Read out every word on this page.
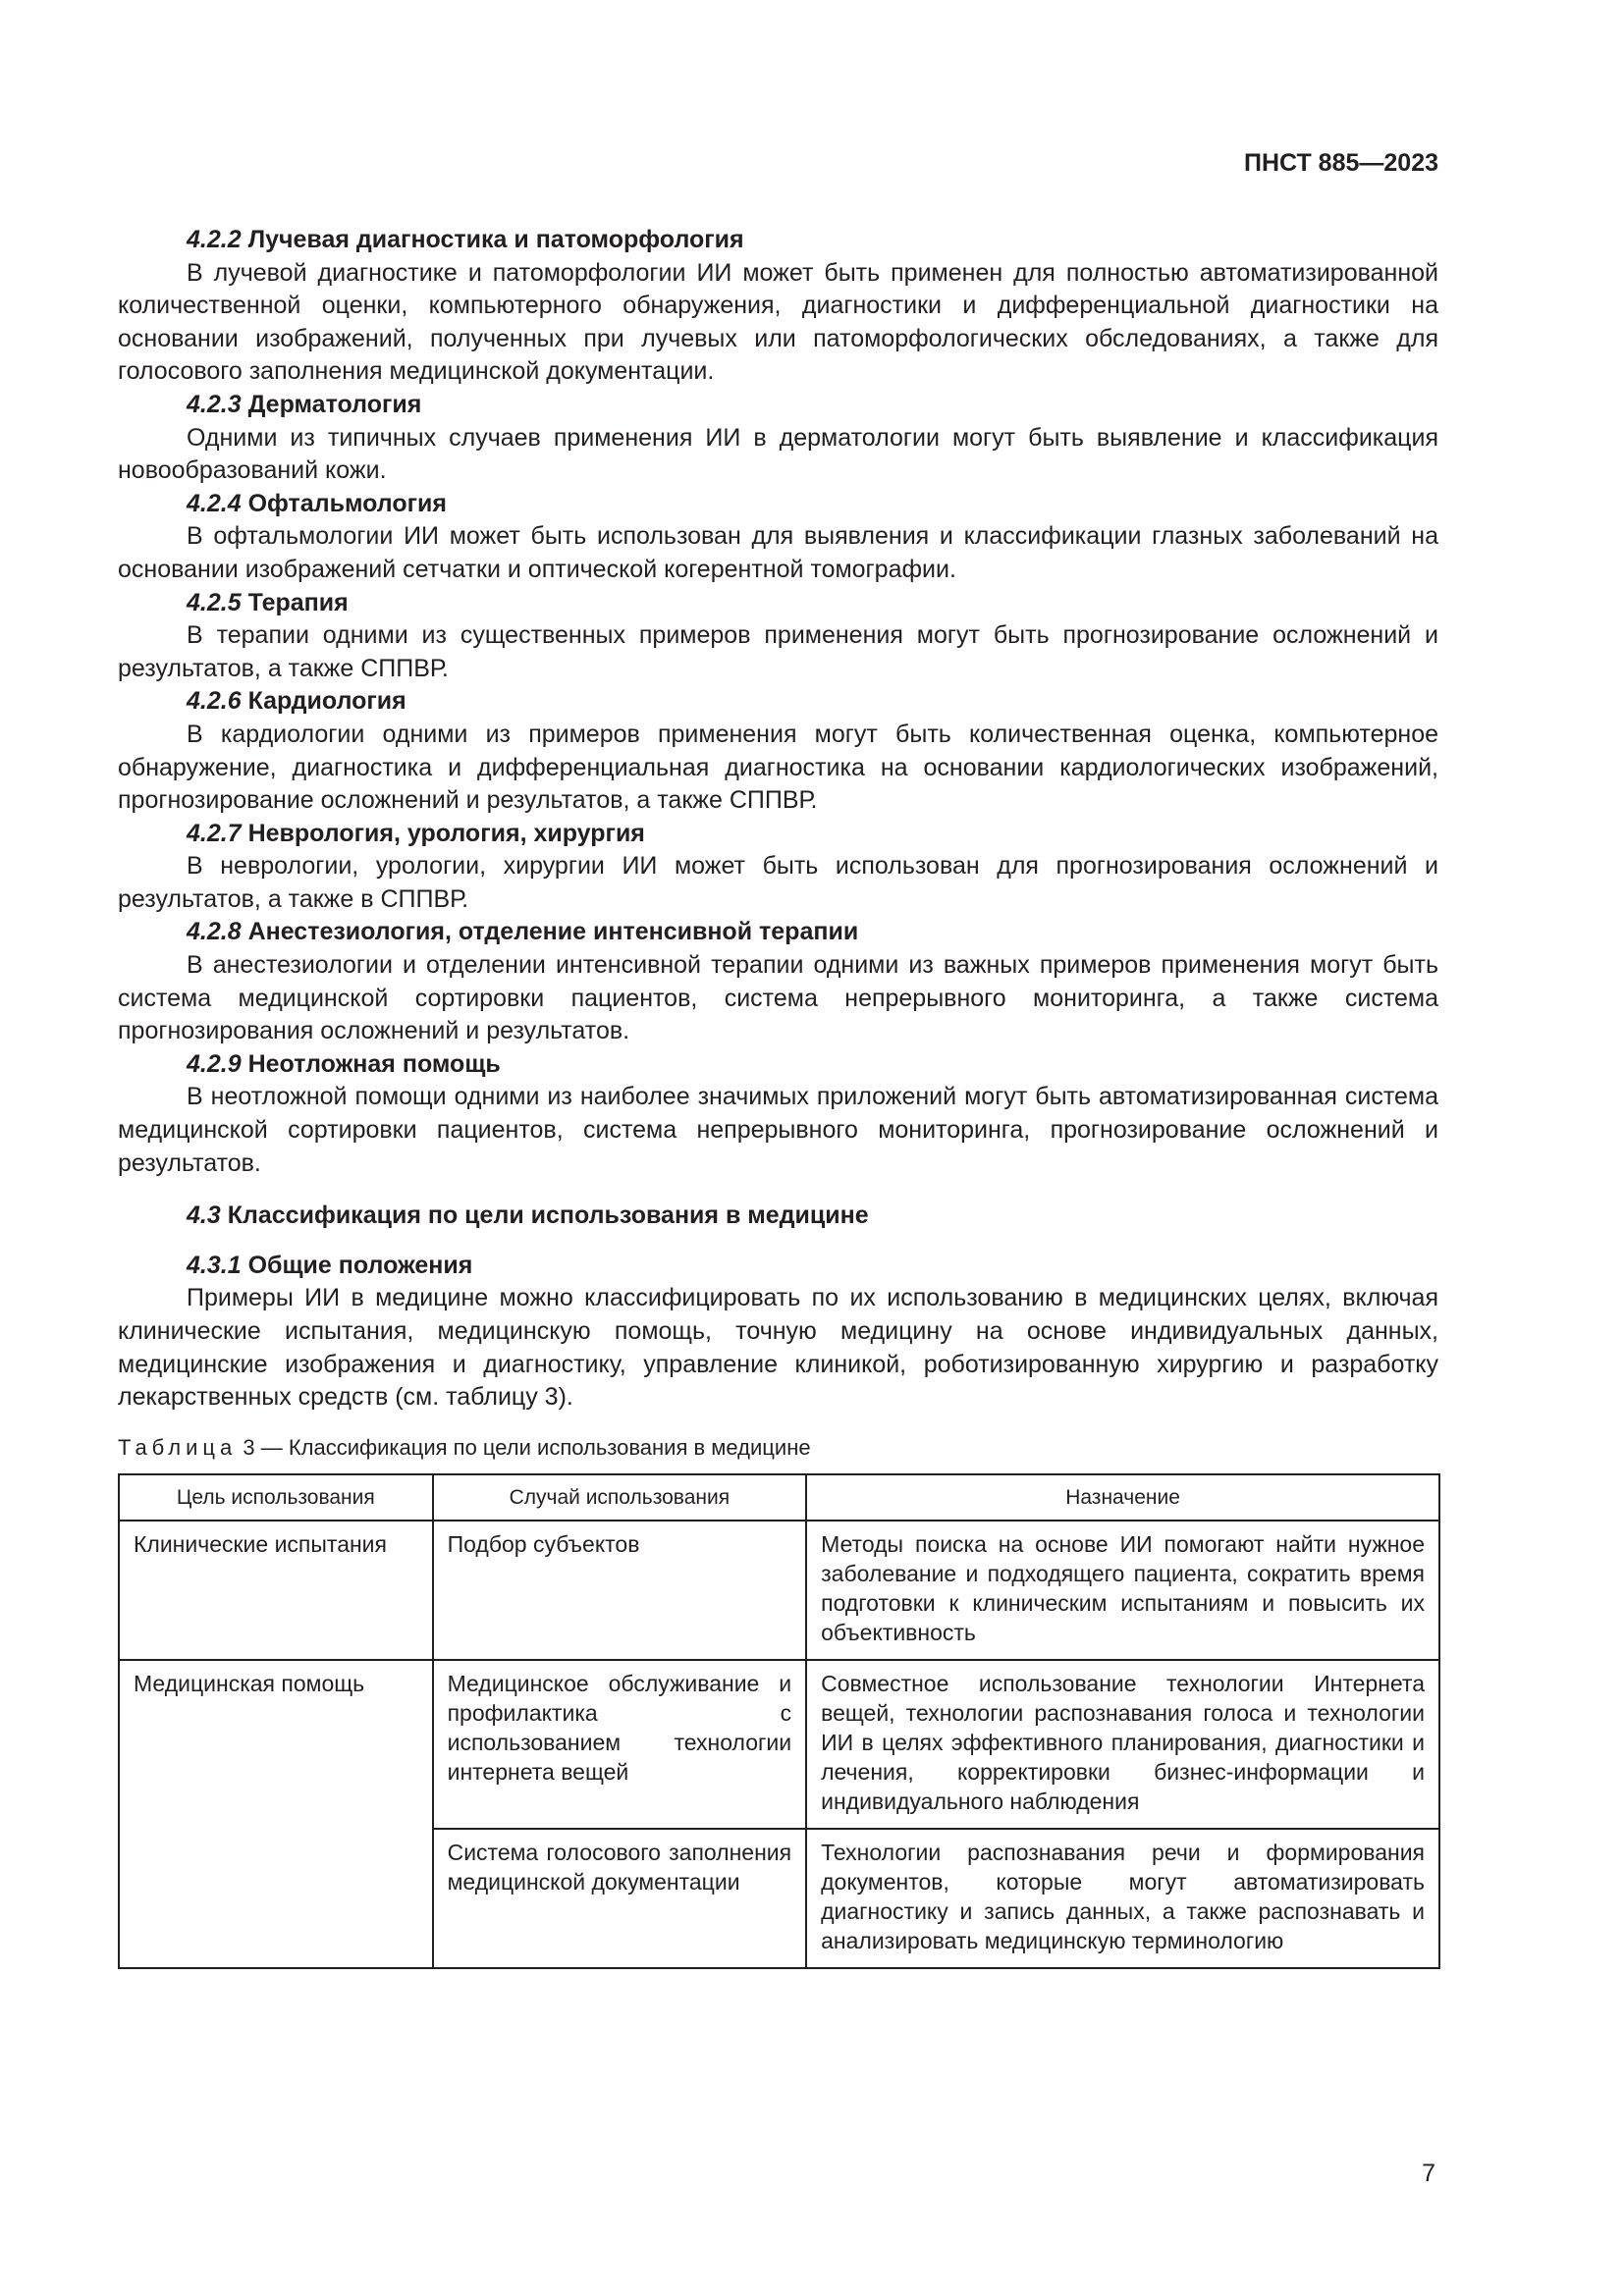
ПНСТ 885—2023
4.2.2 Лучевая диагностика и патоморфология

В лучевой диагностике и патоморфологии ИИ может быть применен для полностью автоматизированной количественной оценки, компьютерного обнаружения, диагностики и дифференциальной диагностики на основании изображений, полученных при лучевых или патоморфологических обследованиях, а также для голосового заполнения медицинской документации.

4.2.3 Дерматология

Одними из типичных случаев применения ИИ в дерматологии могут быть выявление и классификация новообразований кожи.

4.2.4 Офтальмология

В офтальмологии ИИ может быть использован для выявления и классификации глазных заболеваний на основании изображений сетчатки и оптической когерентной томографии.

4.2.5 Терапия

В терапии одними из существенных примеров применения могут быть прогнозирование осложнений и результатов, а также СППВР.

4.2.6 Кардиология

В кардиологии одними из примеров применения могут быть количественная оценка, компьютерное обнаружение, диагностика и дифференциальная диагностика на основании кардиологических изображений, прогнозирование осложнений и результатов, а также СППВР.

4.2.7 Неврология, урология, хирургия

В неврологии, урологии, хирургии ИИ может быть использован для прогнозирования осложнений и результатов, а также в СППВР.

4.2.8 Анестезиология, отделение интенсивной терапии

В анестезиологии и отделении интенсивной терапии одними из важных примеров применения могут быть система медицинской сортировки пациентов, система непрерывного мониторинга, а также система прогнозирования осложнений и результатов.

4.2.9 Неотложная помощь

В неотложной помощи одними из наиболее значимых приложений могут быть автоматизированная система медицинской сортировки пациентов, система непрерывного мониторинга, прогнозирование осложнений и результатов.

4.3 Классификация по цели использования в медицине
4.3.1 Общие положения

Примеры ИИ в медицине можно классифицировать по их использованию в медицинских целях, включая клинические испытания, медицинскую помощь, точную медицину на основе индивидуальных данных, медицинские изображения и диагностику, управление клиникой, роботизированную хирургию и разработку лекарственных средств (см. таблицу 3).

Таблица 3 — Классификация по цели использования в медицине
Цель использования	Случай использования	Назначение
Клинические испытания	Подбор субъектов	Методы поиска на основе ИИ помогают найти нужное заболевание и подходящего пациента, сократить время подготовки к клиническим испытаниям и повысить их объективность
Медицинская помощь	Медицинское обслуживание и профилактика с использованием технологии интернета вещей	Совместное использование технологии Интернета вещей, технологии распознавания голоса и технологии ИИ в целях эффективного планирования, диагностики и лечения, корректировки бизнес-информации и индивидуального наблюдения
	Система голосового заполнения медицинской документации	Технологии распознавания речи и формирования документов, которые могут автоматизировать диагностику и запись данных, а также распознавать и анализировать медицинскую терминологию
7
